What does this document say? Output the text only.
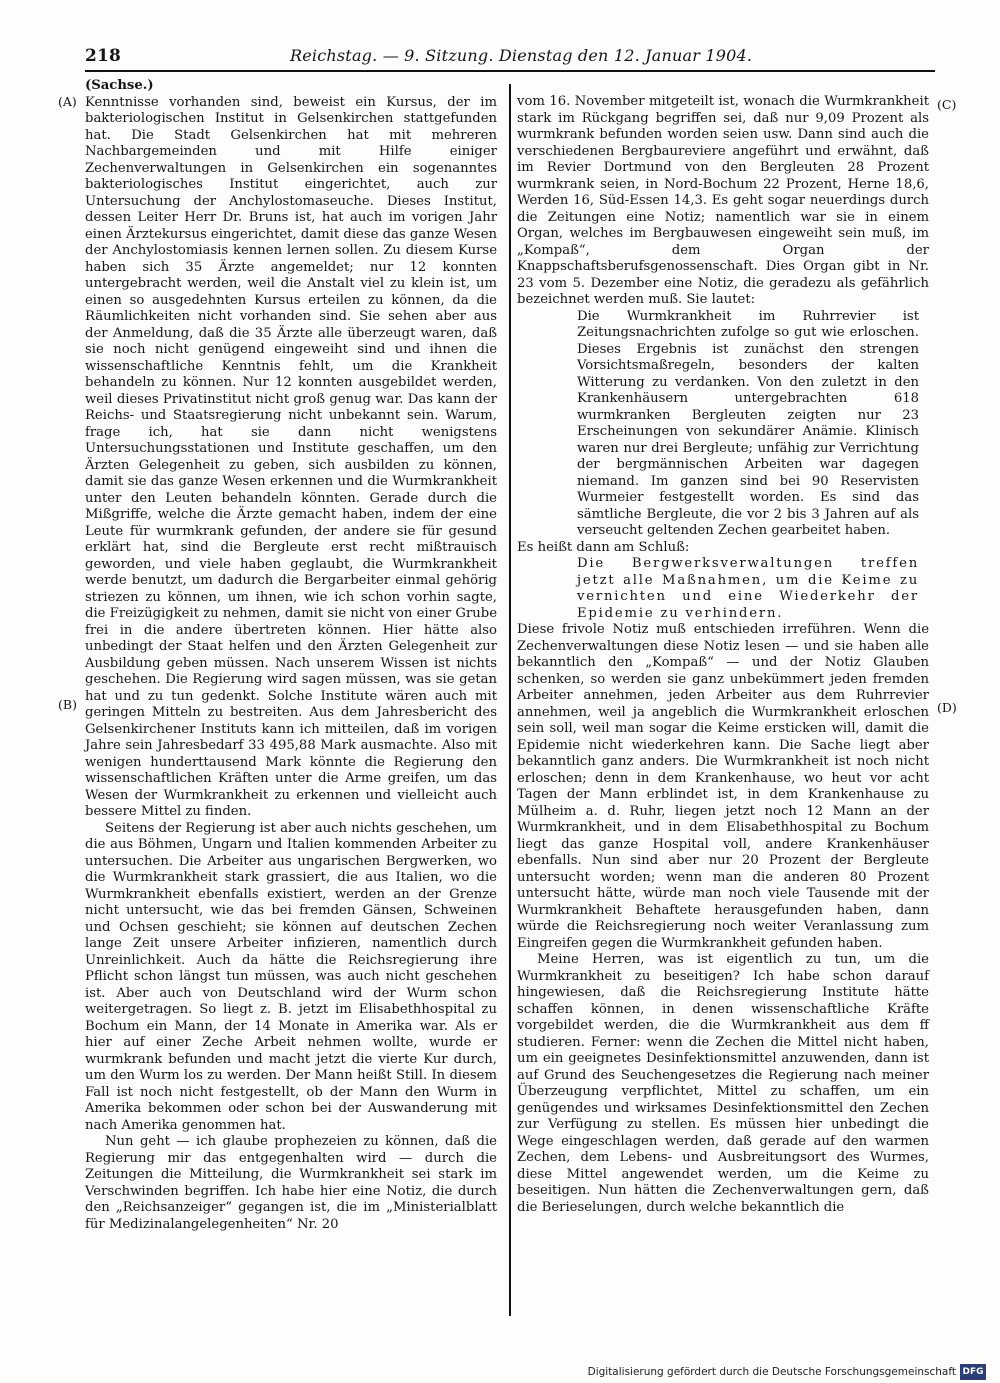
218	Reichstag. — 9. Sitzung. Dienstag den 12. Januar 1904.
(A)
(B)
(C)
(D)

(Sachse.)

Kenntnisse vorhanden sind, beweist ein Kursus, der im bakteriologischen Institut in Gelsenkirchen stattgefunden hat. Die Stadt Gelsenkirchen hat mit mehreren Nachbargemeinden und mit Hilfe einiger Zechenverwaltungen in Gelsenkirchen ein sogenanntes bakteriologisches Institut eingerichtet, auch zur Untersuchung der Anchylostomaseuche. Dieses Institut, dessen Leiter Herr Dr. Bruns ist, hat auch im vorigen Jahr einen Ärztekursus eingerichtet, damit diese das ganze Wesen der Anchylostomiasis kennen lernen sollen. Zu diesem Kurse haben sich 35 Ärzte angemeldet; nur 12 konnten untergebracht werden, weil die Anstalt viel zu klein ist, um einen so ausgedehnten Kursus erteilen zu können, da die Räumlichkeiten nicht vorhanden sind. Sie sehen aber aus der Anmeldung, daß die 35 Ärzte alle überzeugt waren, daß sie noch nicht genügend eingeweiht sind und ihnen die wissenschaftliche Kenntnis fehlt, um die Krankheit behandeln zu können. Nur 12 konnten ausgebildet werden, weil dieses Privatinstitut nicht groß genug war. Das kann der Reichs- und Staatsregierung nicht unbekannt sein. Warum, frage ich, hat sie dann nicht wenigstens Untersuchungsstationen und Institute geschaffen, um den Ärzten Gelegenheit zu geben, sich ausbilden zu können, damit sie das ganze Wesen erkennen und die Wurmkrankheit unter den Leuten behandeln könnten. Gerade durch die Mißgriffe, welche die Ärzte gemacht haben, indem der eine Leute für wurmkrank gefunden, der andere sie für gesund erklärt hat, sind die Bergleute erst recht mißtrauisch geworden, und viele haben geglaubt, die Wurmkrankheit werde benutzt, um dadurch die Bergarbeiter einmal gehörig striezen zu können, um ihnen, wie ich schon vorhin sagte, die Freizügigkeit zu nehmen, damit sie nicht von einer Grube frei in die andere übertreten können. Hier hätte also unbedingt der Staat helfen und den Ärzten Gelegenheit zur Ausbildung geben müssen. Nach unserem Wissen ist nichts geschehen. Die Regierung wird sagen müssen, was sie getan hat und zu tun gedenkt. Solche Institute wären auch mit geringen Mitteln zu bestreiten. Aus dem Jahresbericht des Gelsenkirchener Instituts kann ich mitteilen, daß im vorigen Jahre sein Jahresbedarf 33 495,88 Mark ausmachte. Also mit wenigen hunderttausend Mark könnte die Regierung den wissenschaftlichen Kräften unter die Arme greifen, um das Wesen der Wurmkrankheit zu erkennen und vielleicht auch bessere Mittel zu finden.

Seitens der Regierung ist aber auch nichts geschehen, um die aus Böhmen, Ungarn und Italien kommenden Arbeiter zu untersuchen. Die Arbeiter aus ungarischen Bergwerken, wo die Wurmkrankheit stark grassiert, die aus Italien, wo die Wurmkrankheit ebenfalls existiert, werden an der Grenze nicht untersucht, wie das bei fremden Gänsen, Schweinen und Ochsen geschieht; sie können auf deutschen Zechen lange Zeit unsere Arbeiter infizieren, namentlich durch Unreinlichkeit. Auch da hätte die Reichsregierung ihre Pflicht schon längst tun müssen, was auch nicht geschehen ist. Aber auch von Deutschland wird der Wurm schon weitergetragen. So liegt z. B. jetzt im Elisabethhospital zu Bochum ein Mann, der 14 Monate in Amerika war. Als er hier auf einer Zeche Arbeit nehmen wollte, wurde er wurmkrank befunden und macht jetzt die vierte Kur durch, um den Wurm los zu werden. Der Mann heißt Still. In diesem Fall ist noch nicht festgestellt, ob der Mann den Wurm in Amerika bekommen oder schon bei der Auswanderung mit nach Amerika genommen hat.

Nun geht — ich glaube prophezeien zu können, daß die Regierung mir das entgegenhalten wird — durch die Zeitungen die Mitteilung, die Wurmkrankheit sei stark im Verschwinden begriffen. Ich habe hier eine Notiz, die durch den „Reichsanzeiger“ gegangen ist, die im „Ministerialblatt für Medizinalangelegenheiten“ Nr. 20

vom 16. November mitgeteilt ist, wonach die Wurmkrankheit stark im Rückgang begriffen sei, daß nur 9,09 Prozent als wurmkrank befunden worden seien usw. Dann sind auch die verschiedenen Bergbaureviere angeführt und erwähnt, daß im Revier Dortmund von den Bergleuten 28 Prozent wurmkrank seien, in Nord-Bochum 22 Prozent, Herne 18,6, Werden 16, Süd-Essen 14,3. Es geht sogar neuerdings durch die Zeitungen eine Notiz; namentlich war sie in einem Organ, welches im Bergbauwesen eingeweiht sein muß, im „Kompaß“, dem Organ der Knappschaftsberufsgenossenschaft. Dies Organ gibt in Nr. 23 vom 5. Dezember eine Notiz, die geradezu als gefährlich bezeichnet werden muß. Sie lautet:

Die Wurmkrankheit im Ruhrrevier ist Zeitungsnachrichten zufolge so gut wie erloschen. Dieses Ergebnis ist zunächst den strengen Vorsichtsmaßregeln, besonders der kalten Witterung zu verdanken. Von den zuletzt in den Krankenhäusern untergebrachten 618 wurmkranken Bergleuten zeigten nur 23 Erscheinungen von sekundärer Anämie. Klinisch waren nur drei Bergleute; unfähig zur Verrichtung der bergmännischen Arbeiten war dagegen niemand. Im ganzen sind bei 90 Reservisten Wurmeier festgestellt worden. Es sind das sämtliche Bergleute, die vor 2 bis 3 Jahren auf als verseucht geltenden Zechen gearbeitet haben.

Es heißt dann am Schluß:

Die Bergwerksverwaltungen treffen jetzt alle Maßnahmen, um die Keime zu vernichten und eine Wiederkehr der Epidemie zu verhindern.

Diese frivole Notiz muß entschieden irreführen. Wenn die Zechenverwaltungen diese Notiz lesen — und sie haben alle bekanntlich den „Kompaß“ — und der Notiz Glauben schenken, so werden sie ganz unbekümmert jeden fremden Arbeiter annehmen, jeden Arbeiter aus dem Ruhrrevier annehmen, weil ja angeblich die Wurmkrankheit erloschen sein soll, weil man sogar die Keime ersticken will, damit die Epidemie nicht wiederkehren kann. Die Sache liegt aber bekanntlich ganz anders. Die Wurmkrankheit ist noch nicht erloschen; denn in dem Krankenhause, wo heut vor acht Tagen der Mann erblindet ist, in dem Krankenhause zu Mülheim a. d. Ruhr, liegen jetzt noch 12 Mann an der Wurmkrankheit, und in dem Elisabethhospital zu Bochum liegt das ganze Hospital voll, andere Krankenhäuser ebenfalls. Nun sind aber nur 20 Prozent der Bergleute untersucht worden; wenn man die anderen 80 Prozent untersucht hätte, würde man noch viele Tausende mit der Wurmkrankheit Behaftete herausgefunden haben, dann würde die Reichsregierung noch weiter Veranlassung zum Eingreifen gegen die Wurmkrankheit gefunden haben.

Meine Herren, was ist eigentlich zu tun, um die Wurmkrankheit zu beseitigen? Ich habe schon darauf hingewiesen, daß die Reichsregierung Institute hätte schaffen können, in denen wissenschaftliche Kräfte vorgebildet werden, die die Wurmkrankheit aus dem ff studieren. Ferner: wenn die Zechen die Mittel nicht haben, um ein geeignetes Desinfektionsmittel anzuwenden, dann ist auf Grund des Seuchengesetzes die Regierung nach meiner Überzeugung verpflichtet, Mittel zu schaffen, um ein genügendes und wirksames Desinfektionsmittel den Zechen zur Verfügung zu stellen. Es müssen hier unbedingt die Wege eingeschlagen werden, daß gerade auf den warmen Zechen, dem Lebens- und Ausbreitungsort des Wurmes, diese Mittel angewendet werden, um die Keime zu beseitigen. Nun hätten die Zechenverwaltungen gern, daß die Berieselungen, durch welche bekanntlich die

Digitalisierung gefördert durch die Deutsche Forschungsgemeinschaft DFG
